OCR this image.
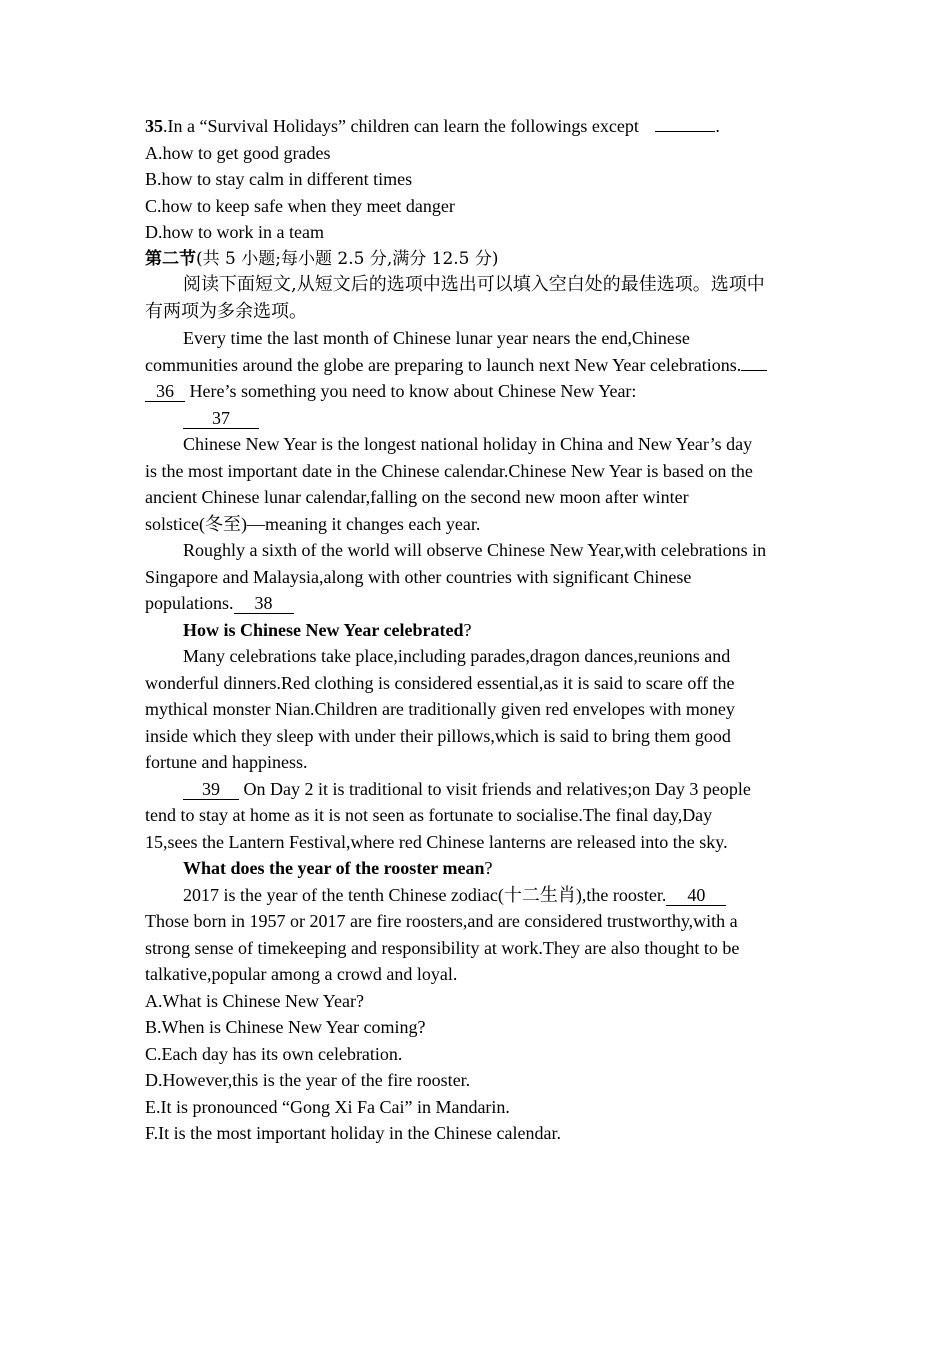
35.In a “Survival Holidays” children can learn the followings except	.
A.how to get good grades
B.how to stay calm in different times
C.how to keep safe when they meet danger
D.how to work in a team
第二节(共 5 小题;每小题 2.5 分,满分 12.5 分)
阅读下面短文,从短文后的选项中选出可以填入空白处的最佳选项。选项中
有两项为多余选项。
Every time the last month of Chinese lunar year nears the end,Chinese
communities around the globe are preparing to launch next New Year celebrations.
36 Here’s something you need to know about Chinese New Year:
37
Chinese New Year is the longest national holiday in China and New Year’s day
is the most important date in the Chinese calendar.Chinese New Year is based on the
ancient Chinese lunar calendar,falling on the second new moon after winter
solstice(冬至)—meaning it changes each year.
Roughly a sixth of the world will observe Chinese New Year,with celebrations in
Singapore and Malaysia,along with other countries with significant Chinese
populations. 38
How is Chinese New Year celebrated?
Many celebrations take place,including parades,dragon dances,reunions and
wonderful dinners.Red clothing is considered essential,as it is said to scare off the
mythical monster Nian.Children are traditionally given red envelopes with money
inside which they sleep with under their pillows,which is said to bring them good
fortune and happiness.
39 On Day 2 it is traditional to visit friends and relatives;on Day 3 people
tend to stay at home as it is not seen as fortunate to socialise.The final day,Day
15,sees the Lantern Festival,where red Chinese lanterns are released into the sky.
What does the year of the rooster mean?
2017 is the year of the tenth Chinese zodiac(十二生肖),the rooster. 40
Those born in 1957 or 2017 are fire roosters,and are considered trustworthy,with a
strong sense of timekeeping and responsibility at work.They are also thought to be
talkative,popular among a crowd and loyal.
A.What is Chinese New Year?
B.When is Chinese New Year coming?
C.Each day has its own celebration.
D.However,this is the year of the fire rooster.
E.It is pronounced “Gong Xi Fa Cai” in Mandarin.
F.It is the most important holiday in the Chinese calendar.
